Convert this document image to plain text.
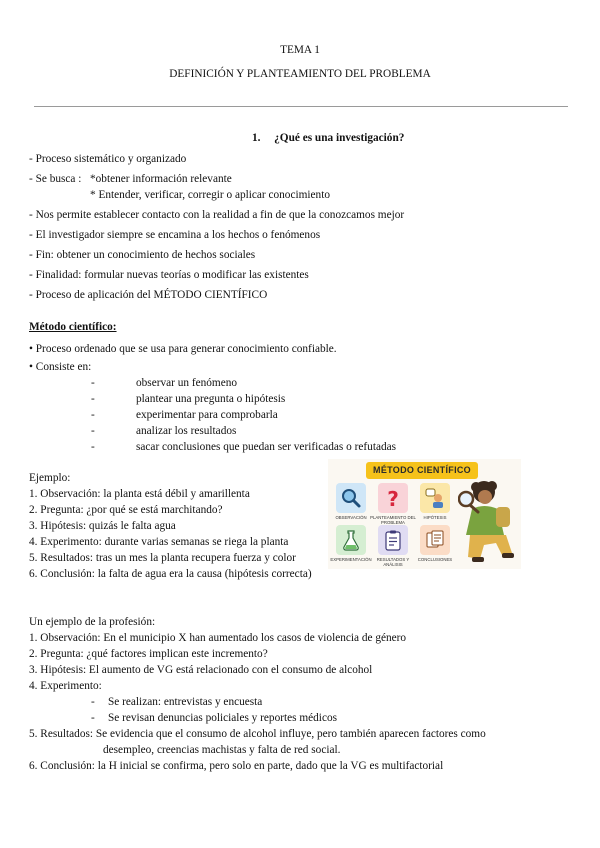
TEMA 1
DEFINICIÓN Y PLANTEAMIENTO DEL PROBLEMA
1. ¿Qué es una investigación?
- Proceso sistemático y organizado
- Se busca : *obtener información relevante
* Entender, verificar, corregir o aplicar conocimiento
- Nos permite establecer contacto con la realidad a fin de que la conozcamos mejor
- El investigador siempre se encamina a los hechos o fenómenos
- Fin: obtener un conocimiento de hechos sociales
- Finalidad: formular nuevas teorías o modificar las existentes
- Proceso de aplicación del MÉTODO CIENTÍFICO
Método científico:
• Proceso ordenado que se usa para generar conocimiento confiable.
• Consiste en:
-	observar un fenómeno
-	plantear una pregunta o hipótesis
-	experimentar para comprobarla
-	analizar los resultados
-	sacar conclusiones que puedan ser verificadas o refutadas
Ejemplo:
1. Observación: la planta está débil y amarillenta
2. Pregunta: ¿por qué se está marchitando?
3. Hipótesis: quizás le falta agua
4. Experimento: durante varias semanas se riega la planta
5. Resultados: tras un mes la planta recupera fuerza y color
6. Conclusión: la falta de agua era la causa (hipótesis correcta)
MÉTODO CIENTÍFICO
OBSERVACIÓN
?
PLANTEAMIENTO DEL PROBLEMA
HIPÓTESIS
EXPERIMENTACIÓN	RESULTADOS Y ANÁLISIS
CONCLUSIONES
Un ejemplo de la profesión:
1. Observación: En el municipio X han aumentado los casos de violencia de género
2. Pregunta: ¿qué factores implican este incremento?
3. Hipótesis: El aumento de VG está relacionado con el consumo de alcohol
4. Experimento:
- Se realizan: entrevistas y encuesta
- Se revisan denuncias policiales y reportes médicos
5. Resultados: Se evidencia que el consumo de alcohol influye, pero también aparecen factores como
desempleo, creencias machistas y falta de red social.
6. Conclusión: la H inicial se confirma, pero solo en parte, dado que la VG es multifactorial
